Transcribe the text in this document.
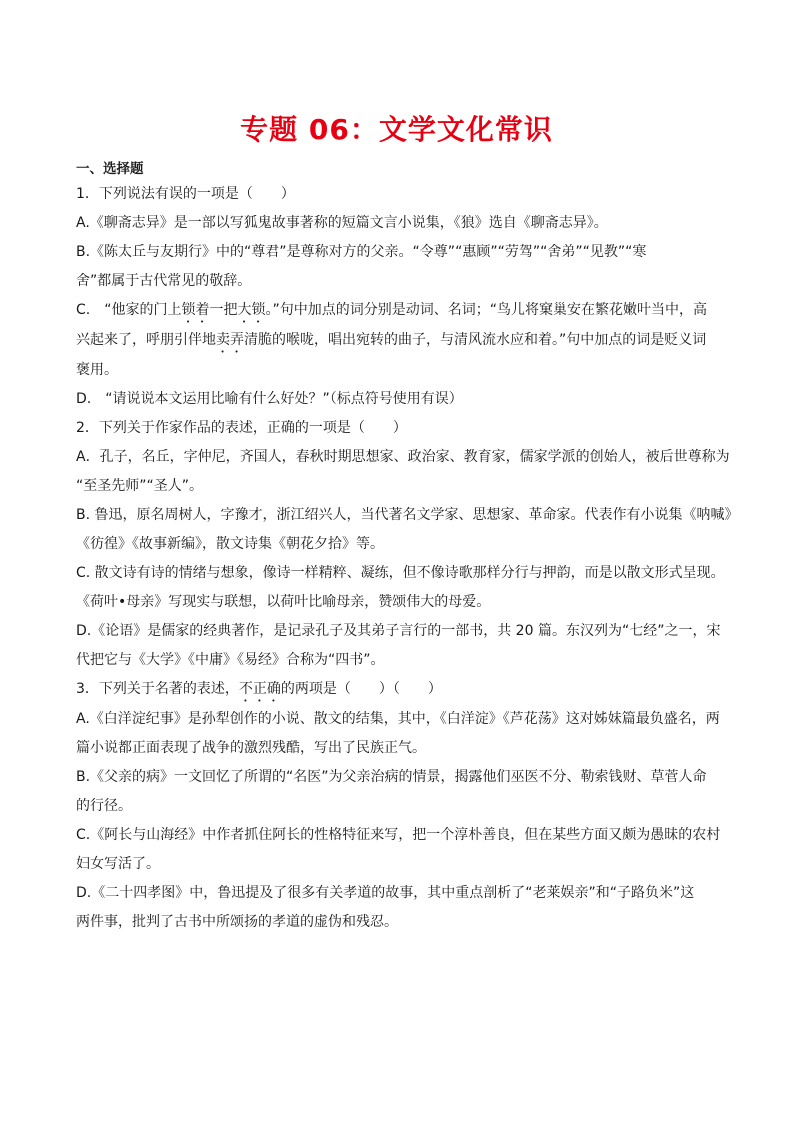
专题 06：文学文化常识

一、选择题

1．下列说法有误的一项是（　　）

A.《聊斋志异》是一部以写狐鬼故事著称的短篇文言小说集，《狼》选自《聊斋志异》。

B.《陈太丘与友期行》中的“尊君”是尊称对方的父亲。“令尊”“惠顾”“劳驾”“舍弟”“见教”“寒

舍”都属于古代常见的敬辞。

C.　“他家的门上锁着一把大锁。”句中加点的词分别是动词、名词；“鸟儿将窠巢安在繁花嫩叶当中，高

兴起来了，呼朋引伴地卖弄清脆的喉咙，唱出宛转的曲子，与清风流水应和着。”句中加点的词是贬义词

褒用。

D.　“请说说本文运用比喻有什么好处？”（标点符号使用有误）

2．下列关于作家作品的表述，正确的一项是（　　）

A．孔子，名丘，字仲尼，齐国人，春秋时期思想家、政治家、教育家，儒家学派的创始人，被后世尊称为

“至圣先师”“圣人”。

B. 鲁迅，原名周树人，字豫才，浙江绍兴人，当代著名文学家、思想家、革命家。代表作有小说集《呐喊》

《彷徨》《故事新编》，散文诗集《朝花夕拾》等。

C. 散文诗有诗的情绪与想象，像诗一样精粹、凝练，但不像诗歌那样分行与押韵，而是以散文形式呈现。

《荷叶•母亲》写现实与联想，以荷叶比喻母亲，赞颂伟大的母爱。

D.《论语》是儒家的经典著作，是记录孔子及其弟子言行的一部书，共 20 篇。东汉列为“七经”之一，宋

代把它与《大学》《中庸》《易经》合称为“四书”。

3．下列关于名著的表述，不正确的两项是（　　）（　　）

A.《白洋淀纪事》是孙犁创作的小说、散文的结集，其中，《白洋淀》《芦花荡》这对姊妹篇最负盛名，两

篇小说都正面表现了战争的激烈残酷，写出了民族正气。

B.《父亲的病》一文回忆了所谓的“名医”为父亲治病的情景，揭露他们巫医不分、勒索钱财、草菅人命

的行径。

C.《阿长与山海经》中作者抓住阿长的性格特征来写，把一个淳朴善良，但在某些方面又颇为愚昧的农村

妇女写活了。

D.《二十四孝图》中，鲁迅提及了很多有关孝道的故事，其中重点剖析了“老莱娱亲”和“子路负米”这

两件事，批判了古书中所颂扬的孝道的虚伪和残忍。
